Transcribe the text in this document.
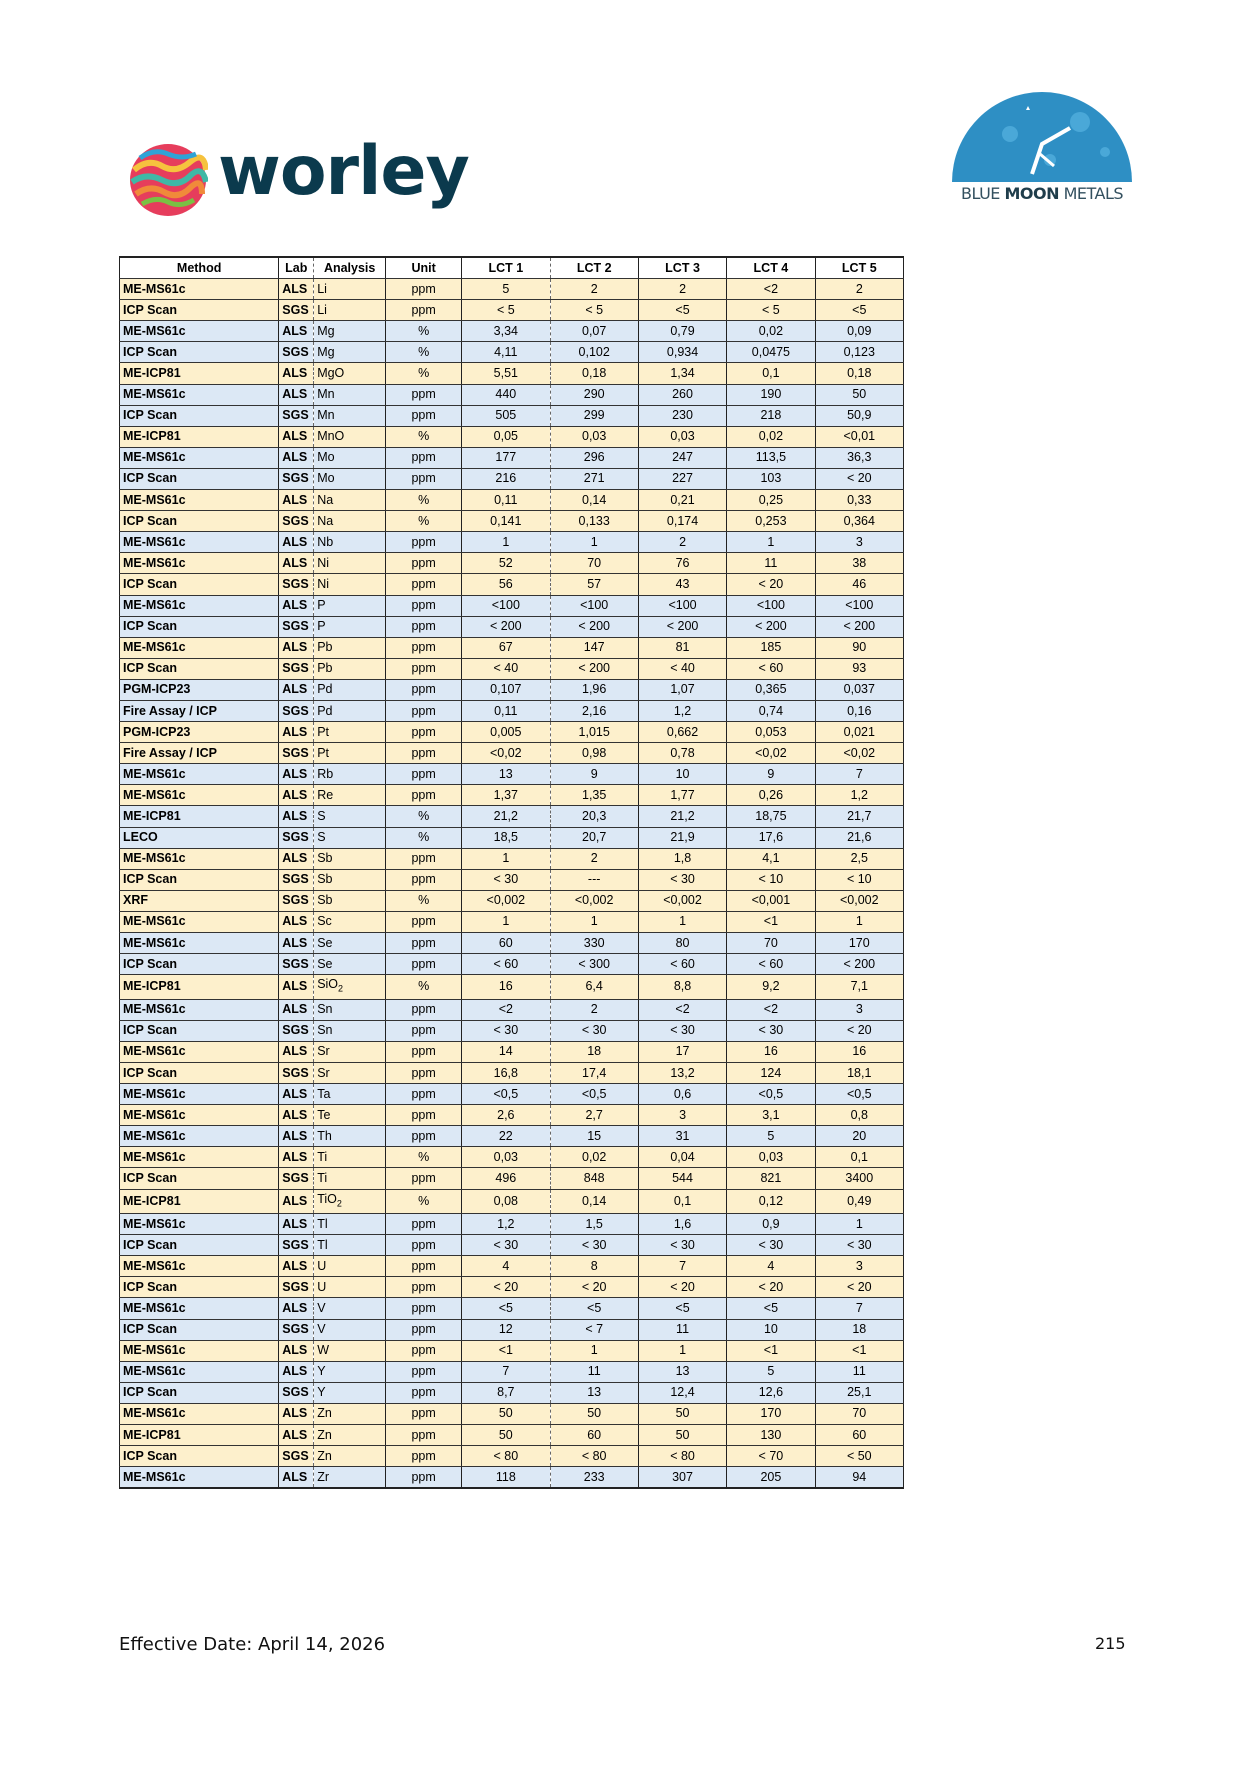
worley	BLUE MOON METALS
Method	Lab	Analysis	Unit	LCT 1	LCT 2	LCT 3	LCT 4	LCT 5
ME-MS61c	ALS	Li	ppm	5	2	2	<2	2
ICP Scan	SGS	Li	ppm	< 5	< 5	<5	< 5	<5
ME-MS61c	ALS	Mg	%	3,34	0,07	0,79	0,02	0,09
ICP Scan	SGS	Mg	%	4,11	0,102	0,934	0,0475	0,123
ME-ICP81	ALS	MgO	%	5,51	0,18	1,34	0,1	0,18
ME-MS61c	ALS	Mn	ppm	440	290	260	190	50
ICP Scan	SGS	Mn	ppm	505	299	230	218	50,9
ME-ICP81	ALS	MnO	%	0,05	0,03	0,03	0,02	<0,01
ME-MS61c	ALS	Mo	ppm	177	296	247	113,5	36,3
ICP Scan	SGS	Mo	ppm	216	271	227	103	< 20
ME-MS61c	ALS	Na	%	0,11	0,14	0,21	0,25	0,33
ICP Scan	SGS	Na	%	0,141	0,133	0,174	0,253	0,364
ME-MS61c	ALS	Nb	ppm	1	1	2	1	3
ME-MS61c	ALS	Ni	ppm	52	70	76	11	38
ICP Scan	SGS	Ni	ppm	56	57	43	< 20	46
ME-MS61c	ALS	P	ppm	<100	<100	<100	<100	<100
ICP Scan	SGS	P	ppm	< 200	< 200	< 200	< 200	< 200
ME-MS61c	ALS	Pb	ppm	67	147	81	185	90
ICP Scan	SGS	Pb	ppm	< 40	< 200	< 40	< 60	93
PGM-ICP23	ALS	Pd	ppm	0,107	1,96	1,07	0,365	0,037
Fire Assay / ICP	SGS	Pd	ppm	0,11	2,16	1,2	0,74	0,16
PGM-ICP23	ALS	Pt	ppm	0,005	1,015	0,662	0,053	0,021
Fire Assay / ICP	SGS	Pt	ppm	<0,02	0,98	0,78	<0,02	<0,02
ME-MS61c	ALS	Rb	ppm	13	9	10	9	7
ME-MS61c	ALS	Re	ppm	1,37	1,35	1,77	0,26	1,2
ME-ICP81	ALS	S	%	21,2	20,3	21,2	18,75	21,7
LECO	SGS	S	%	18,5	20,7	21,9	17,6	21,6
ME-MS61c	ALS	Sb	ppm	1	2	1,8	4,1	2,5
ICP Scan	SGS	Sb	ppm	< 30	---	< 30	< 10	< 10
XRF	SGS	Sb	%	<0,002	<0,002	<0,002	<0,001	<0,002
ME-MS61c	ALS	Sc	ppm	1	1	1	<1	1
ME-MS61c	ALS	Se	ppm	60	330	80	70	170
ICP Scan	SGS	Se	ppm	< 60	< 300	< 60	< 60	< 200
ME-ICP81	ALS	SiO$_2$	%	16	6,4	8,8	9,2	7,1
ME-MS61c	ALS	Sn	ppm	<2	2	<2	<2	3
ICP Scan	SGS	Sn	ppm	< 30	< 30	< 30	< 30	< 20
ME-MS61c	ALS	Sr	ppm	14	18	17	16	16
ICP Scan	SGS	Sr	ppm	16,8	17,4	13,2	124	18,1
ME-MS61c	ALS	Ta	ppm	<0,5	<0,5	0,6	<0,5	<0,5
ME-MS61c	ALS	Te	ppm	2,6	2,7	3	3,1	0,8
ME-MS61c	ALS	Th	ppm	22	15	31	5	20
ME-MS61c	ALS	Ti	%	0,03	0,02	0,04	0,03	0,1
ICP Scan	SGS	Ti	ppm	496	848	544	821	3400
ME-ICP81	ALS	TiO$_2$	%	0,08	0,14	0,1	0,12	0,49
ME-MS61c	ALS	Tl	ppm	1,2	1,5	1,6	0,9	1
ICP Scan	SGS	Tl	ppm	< 30	< 30	< 30	< 30	< 30
ME-MS61c	ALS	U	ppm	4	8	7	4	3
ICP Scan	SGS	U	ppm	< 20	< 20	< 20	< 20	< 20
ME-MS61c	ALS	V	ppm	<5	<5	<5	<5	7
ICP Scan	SGS	V	ppm	12	< 7	11	10	18
ME-MS61c	ALS	W	ppm	<1	1	1	<1	<1
ME-MS61c	ALS	Y	ppm	7	11	13	5	11
ICP Scan	SGS	Y	ppm	8,7	13	12,4	12,6	25,1
ME-MS61c	ALS	Zn	ppm	50	50	50	170	70
ME-ICP81	ALS	Zn	ppm	50	60	50	130	60
ICP Scan	SGS	Zn	ppm	< 80	< 80	< 80	< 70	< 50
ME-MS61c	ALS	Zr	ppm	118	233	307	205	94
Effective Date: April 14, 2026	215
